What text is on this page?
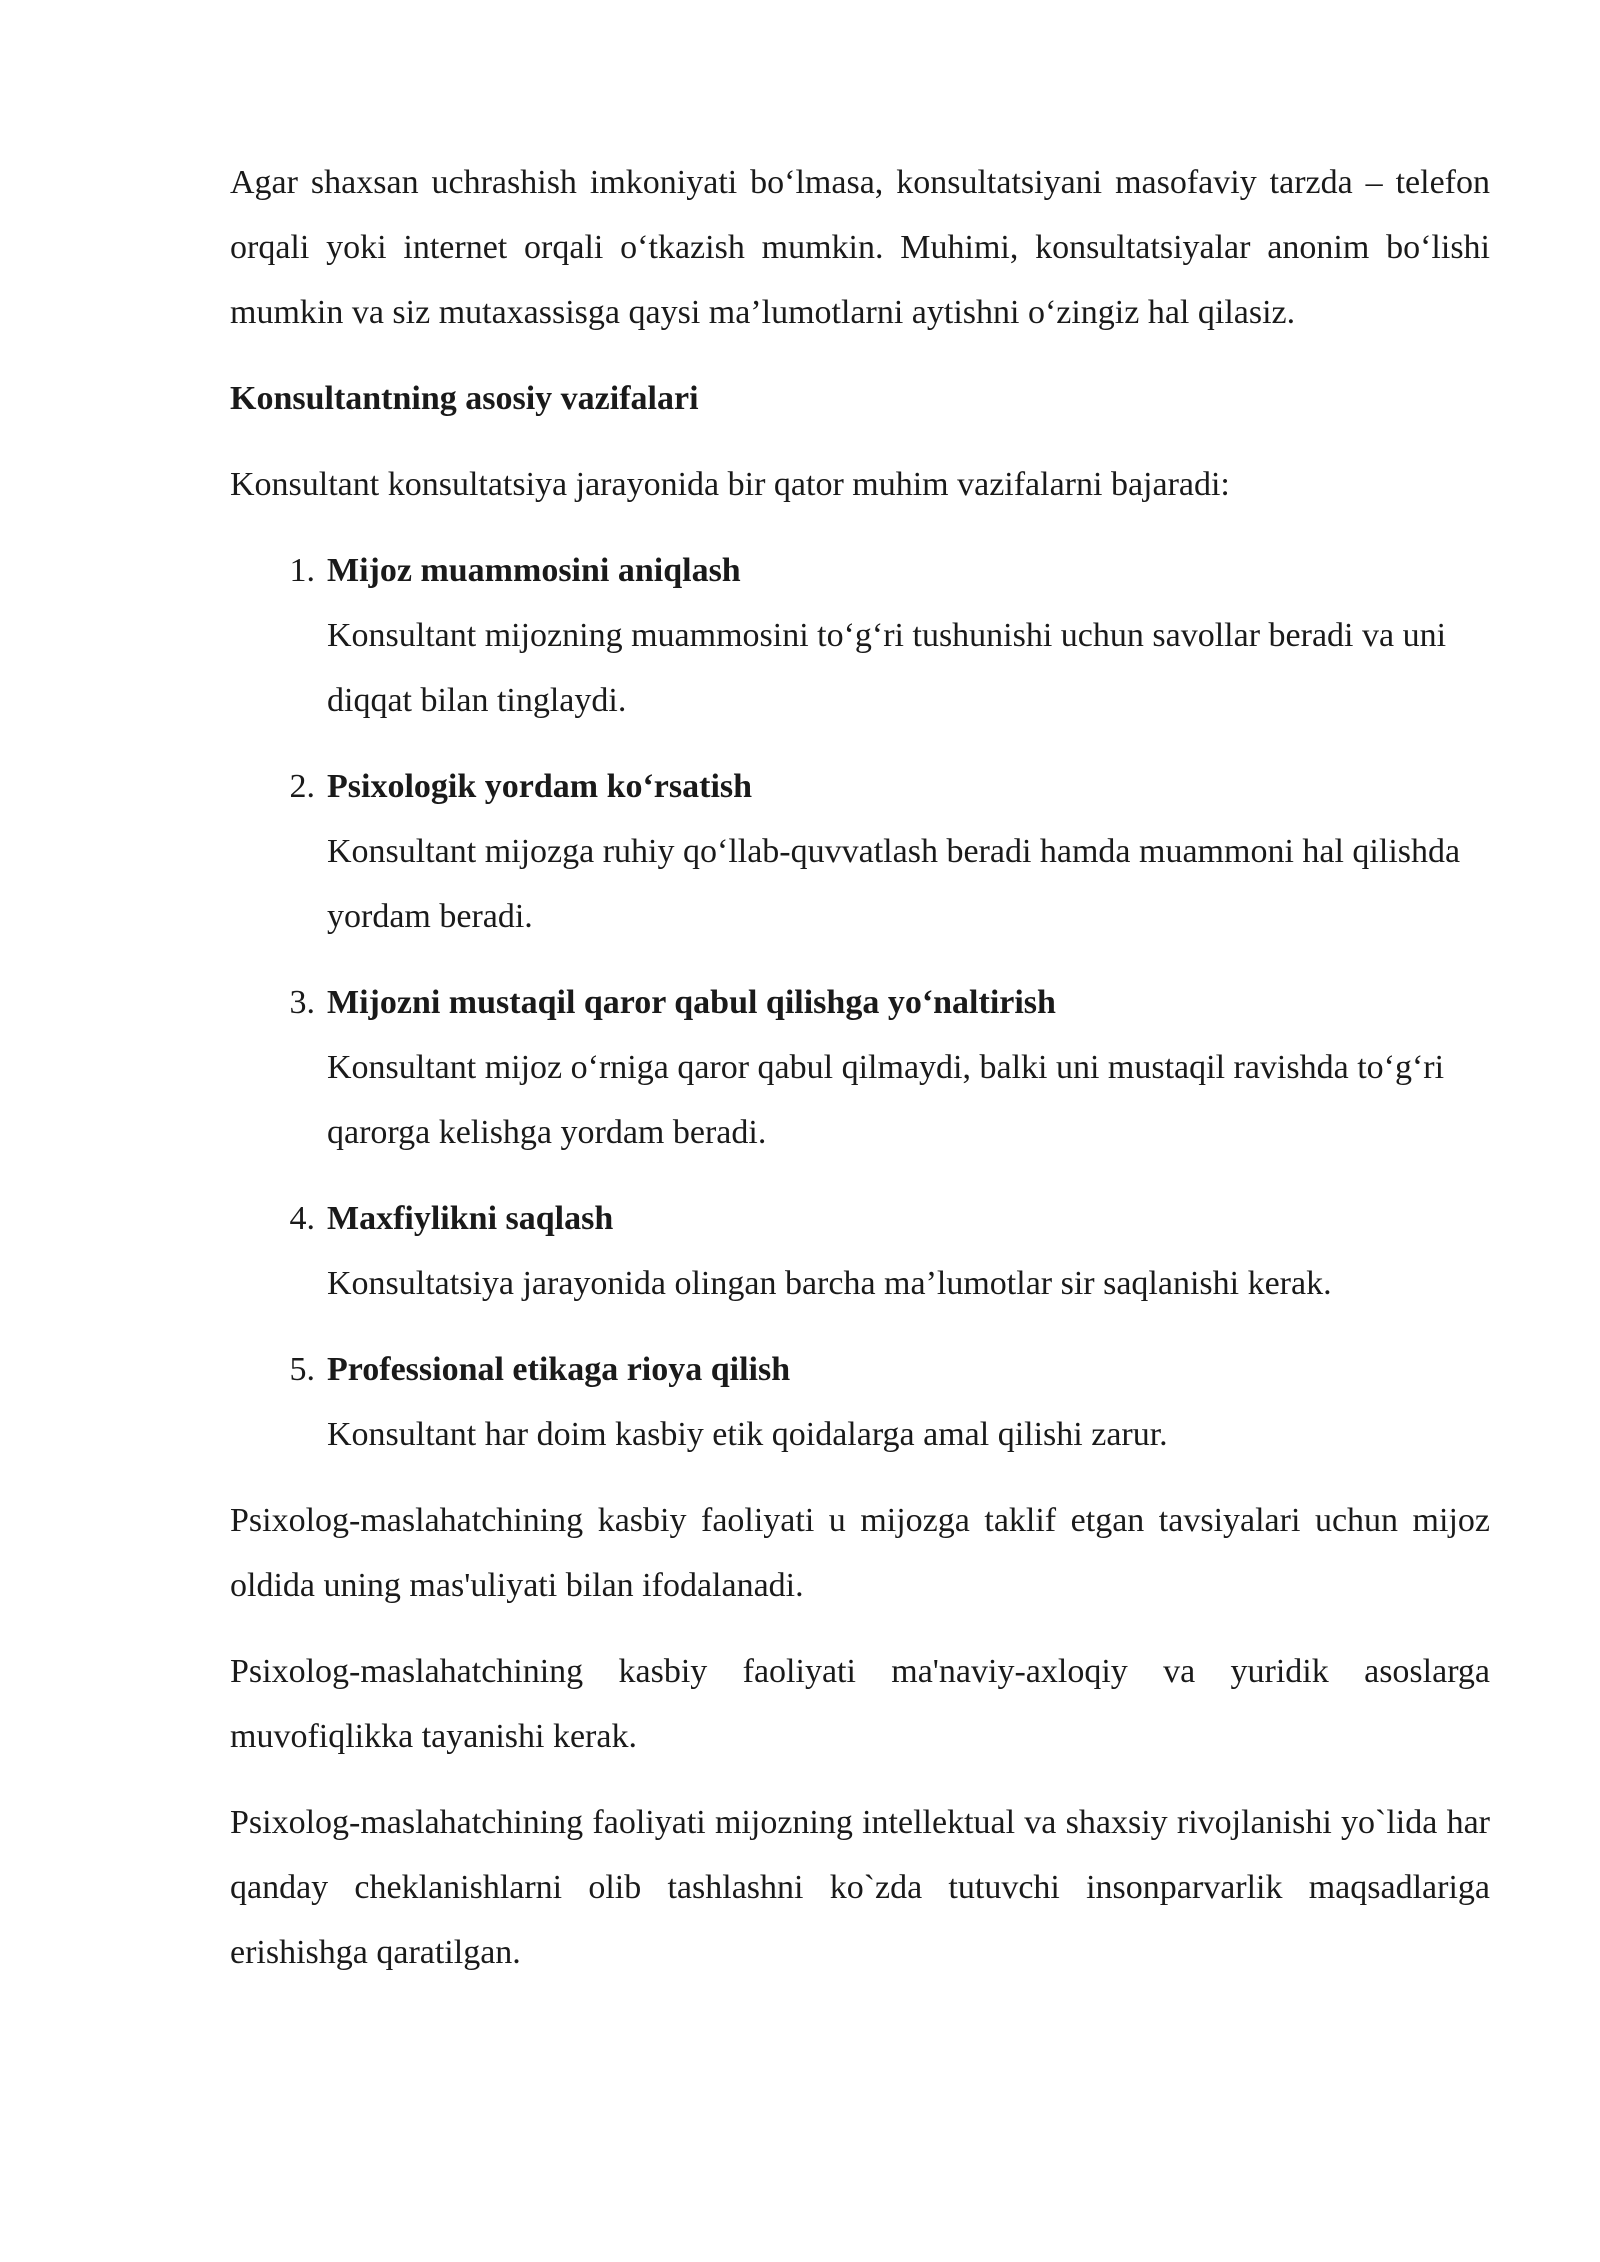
Agar shaxsan uchrashish imkoniyati bo‘lmasa, konsultatsiyani masofaviy tarzda – telefon orqali yoki internet orqali o‘tkazish mumkin. Muhimi, konsultatsiyalar anonim bo‘lishi mumkin va siz mutaxassisga qaysi ma’lumotlarni aytishni o‘zingiz hal qilasiz.

Konsultantning asosiy vazifalari

Konsultant konsultatsiya jarayonida bir qator muhim vazifalarni bajaradi:

1. Mijoz muammosini aniqlash
Konsultant mijozning muammosini to‘g‘ri tushunishi uchun savollar beradi va uni diqqat bilan tinglaydi.
2. Psixologik yordam ko‘rsatish
Konsultant mijozga ruhiy qo‘llab-quvvatlash beradi hamda muammoni hal qilishda yordam beradi.
3. Mijozni mustaqil qaror qabul qilishga yo‘naltirish
Konsultant mijoz o‘rniga qaror qabul qilmaydi, balki uni mustaqil ravishda to‘g‘ri qarorga kelishga yordam beradi.
4. Maxfiylikni saqlash
Konsultatsiya jarayonida olingan barcha ma’lumotlar sir saqlanishi kerak.
5. Professional etikaga rioya qilish
Konsultant har doim kasbiy etik qoidalarga amal qilishi zarur.

Psixolog-maslahatchining kasbiy faoliyati u mijozga taklif etgan tavsiyalari uchun mijoz oldida uning mas'uliyati bilan ifodalanadi.

Psixolog-maslahatchining kasbiy faoliyati ma'naviy-axloqiy va yuridik asoslarga muvofiqlikka tayanishi kerak.

Psixolog-maslahatchining faoliyati mijozning intellektual va shaxsiy rivojlanishi yo`lida har qanday cheklanishlarni olib tashlashni ko`zda tutuvchi insonparvarlik maqsadlariga erishishga qaratilgan.
